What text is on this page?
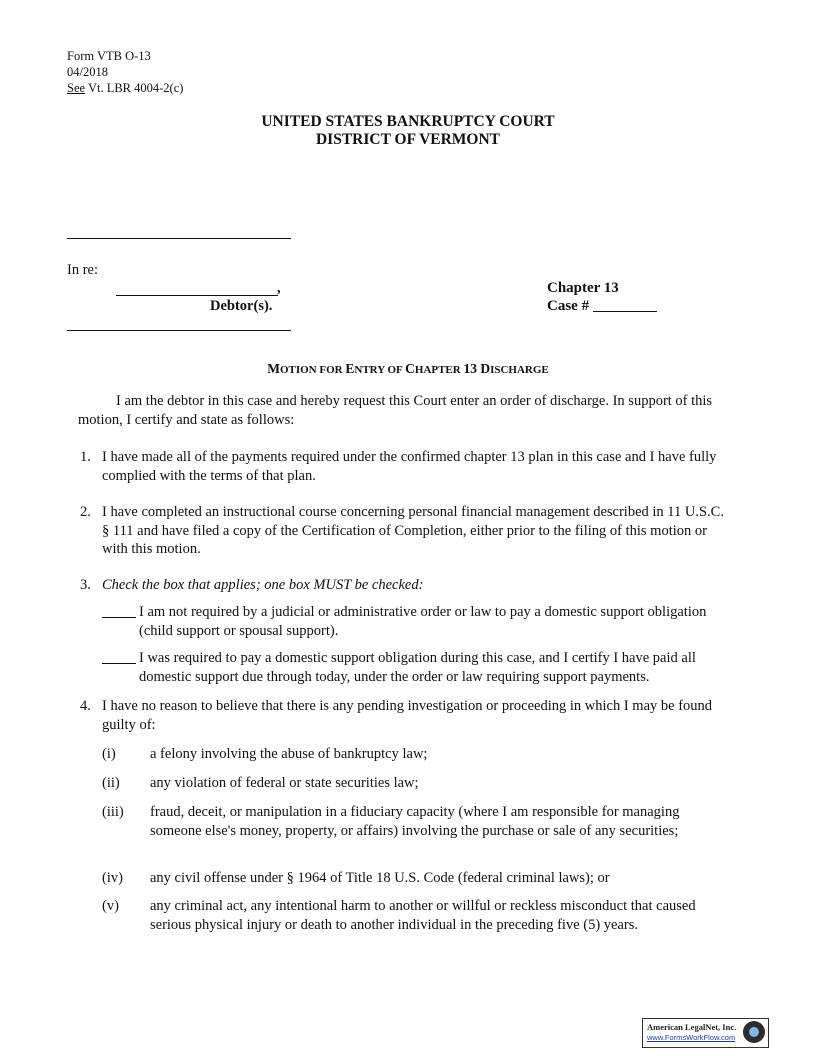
Form VTB O-13
04/2018
See Vt. LBR 4004-2(c)
UNITED STATES BANKRUPTCY COURT
DISTRICT OF VERMONT
In re:
,
Debtor(s).
Chapter 13
Case #
MOTION FOR ENTRY OF CHAPTER 13 DISCHARGE
I am the debtor in this case and hereby request this Court enter an order of discharge. In support of this motion, I certify and state as follows:
1. I have made all of the payments required under the confirmed chapter 13 plan in this case and I have fully complied with the terms of that plan.
2. I have completed an instructional course concerning personal financial management described in 11 U.S.C. § 111 and have filed a copy of the Certification of Completion, either prior to the filing of this motion or with this motion.
3. Check the box that applies; one box MUST be checked:
I am not required by a judicial or administrative order or law to pay a domestic support obligation (child support or spousal support).
I was required to pay a domestic support obligation during this case, and I certify I have paid all domestic support due through today, under the order or law requiring support payments.
4. I have no reason to believe that there is any pending investigation or proceeding in which I may be found guilty of:
(i) a felony involving the abuse of bankruptcy law;
(ii) any violation of federal or state securities law;
(iii) fraud, deceit, or manipulation in a fiduciary capacity (where I am responsible for managing someone else's money, property, or affairs) involving the purchase or sale of any securities;
(iv) any civil offense under § 1964 of Title 18 U.S. Code (federal criminal laws); or
(v) any criminal act, any intentional harm to another or willful or reckless misconduct that caused serious physical injury or death to another individual in the preceding five (5) years.
American LegalNet, Inc.
www.FormsWorkFlow.com
